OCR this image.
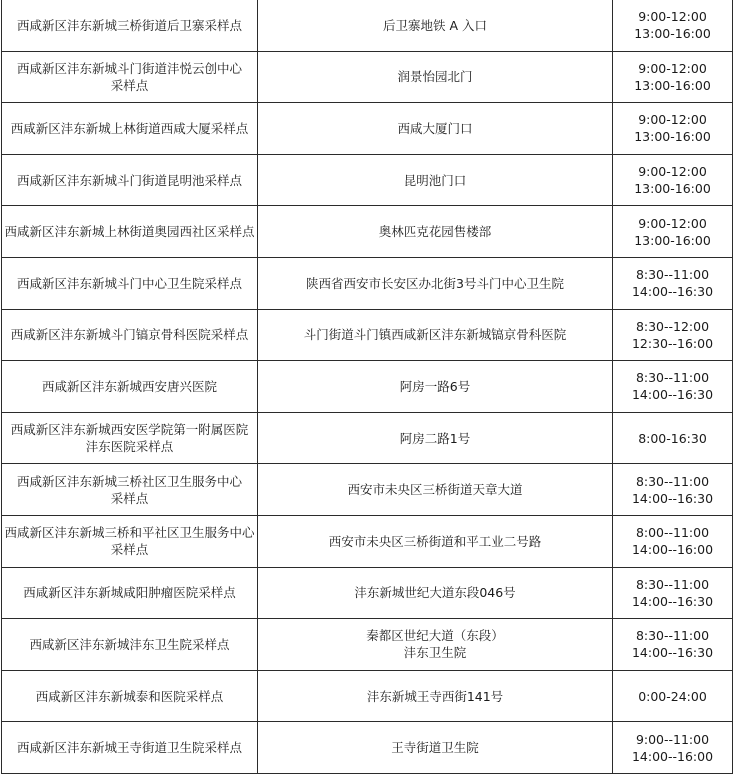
西咸新区沣东新城三桥街道后卫寨采样点	后卫寨地铁 A 入口	9:00-12:00
13:00-16:00

西咸新区沣东新城斗门街道沣悦云创中心
采样点	润景怡园北门	9:00-12:00
13:00-16:00

西咸新区沣东新城上林街道西咸大厦采样点	西咸大厦门口	9:00-12:00
13:00-16:00

西咸新区沣东新城斗门街道昆明池采样点	昆明池门口	9:00-12:00
13:00-16:00

西咸新区沣东新城上林街道奥园西社区采样点	奥林匹克花园售楼部	9:00-12:00
13:00-16:00

西咸新区沣东新城斗门中心卫生院采样点	陕西省西安市长安区办北街3号斗门中心卫生院	8:30--11:00
14:00--16:30

西咸新区沣东新城斗门镐京骨科医院采样点	斗门街道斗门镇西咸新区沣东新城镐京骨科医院	8:30--12:00
12:30--16:00

西咸新区沣东新城西安唐兴医院	阿房一路6号	8:30--11:00
14:00--16:30

西咸新区沣东新城西安医学院第一附属医院
沣东医院采样点	阿房二路1号	8:00-16:30

西咸新区沣东新城三桥社区卫生服务中心
采样点	西安市未央区三桥街道天章大道	8:30--11:00
14:00--16:30

西咸新区沣东新城三桥和平社区卫生服务中心
采样点	西安市未央区三桥街道和平工业二号路	8:00--11:00
14:00--16:00

西咸新区沣东新城咸阳肿瘤医院采样点	沣东新城世纪大道东段046号	8:30--11:00
14:00--16:30

西咸新区沣东新城沣东卫生院采样点	秦都区世纪大道（东段）
沣东卫生院	8:30--11:00
14:00--16:30

西咸新区沣东新城泰和医院采样点	沣东新城王寺西街141号	0:00-24:00

西咸新区沣东新城王寺街道卫生院采样点	王寺街道卫生院	9:00--11:00
14:00--16:00
